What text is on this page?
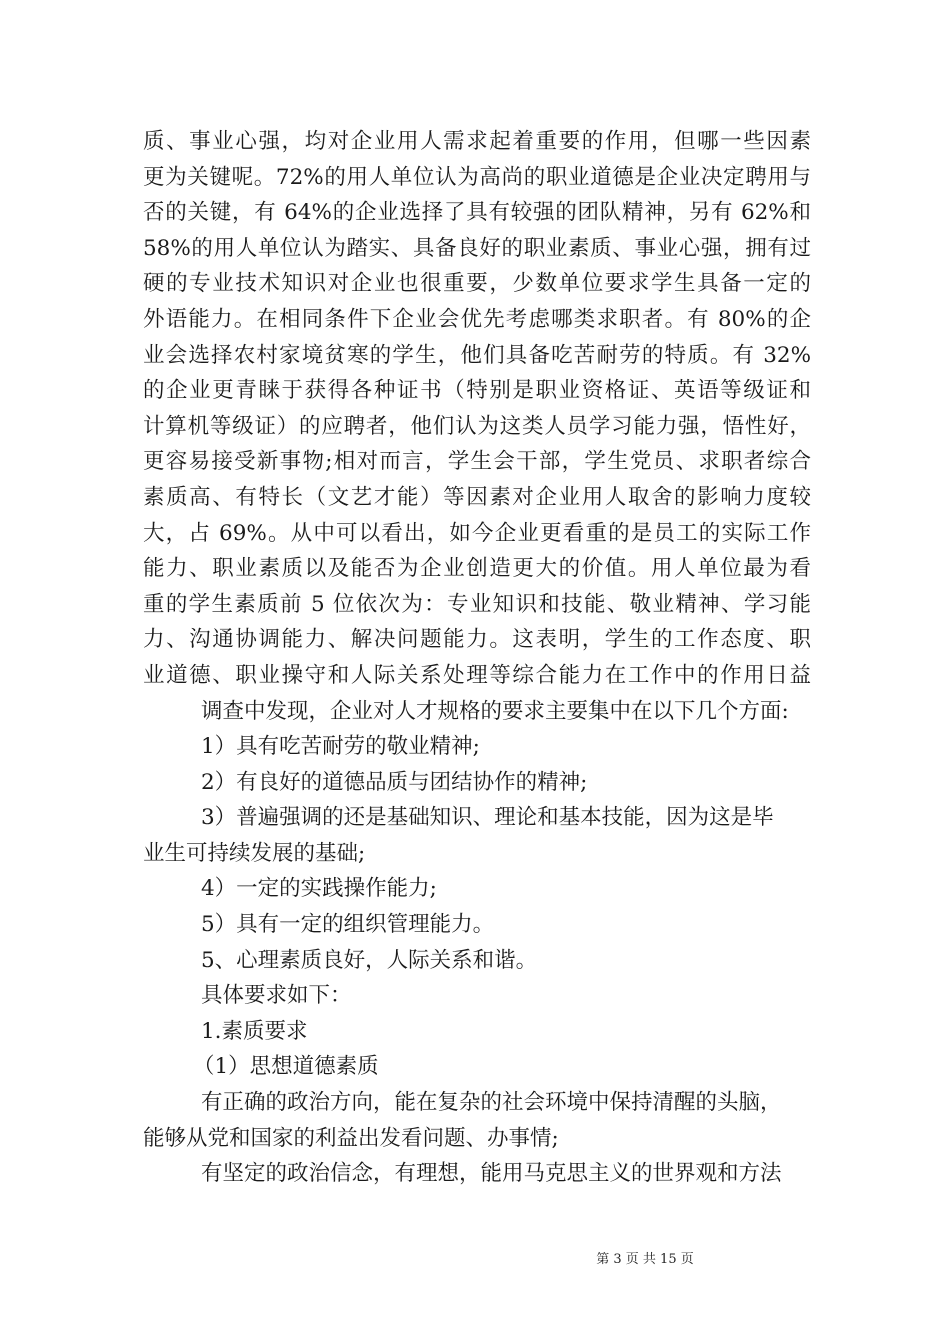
质、事业心强，均对企业用人需求起着重要的作用，但哪一些因素
更为关键呢。72%的用人单位认为高尚的职业道德是企业决定聘用与
否的关键，有 64%的企业选择了具有较强的团队精神，另有 62%和
58%的用人单位认为踏实、具备良好的职业素质、事业心强，拥有过
硬的专业技术知识对企业也很重要，少数单位要求学生具备一定的
外语能力。在相同条件下企业会优先考虑哪类求职者。有 80%的企
业会选择农村家境贫寒的学生，他们具备吃苦耐劳的特质。有 32%
的企业更青睐于获得各种证书（特别是职业资格证、英语等级证和
计算机等级证）的应聘者，他们认为这类人员学习能力强，悟性好，
更容易接受新事物;相对而言，学生会干部，学生党员、求职者综合
素质高、有特长（文艺才能）等因素对企业用人取舍的影响力度较
大，占 69%。从中可以看出，如今企业更看重的是员工的实际工作
能力、职业素质以及能否为企业创造更大的价值。用人单位最为看
重的学生素质前 5 位依次为：专业知识和技能、敬业精神、学习能
力、沟通协调能力、解决问题能力。这表明，学生的工作态度、职
业道德、职业操守和人际关系处理等综合能力在工作中的作用日益
调查中发现，企业对人才规格的要求主要集中在以下几个方面:
1）具有吃苦耐劳的敬业精神;
2）有良好的道德品质与团结协作的精神;
3）普遍强调的还是基础知识、理论和基本技能，因为这是毕
业生可持续发展的基础;
4）一定的实践操作能力;
5）具有一定的组织管理能力。
5、心理素质良好，人际关系和谐。
具体要求如下：
1.素质要求
（1）思想道德素质
有正确的政治方向，能在复杂的社会环境中保持清醒的头脑，
能够从党和国家的利益出发看问题、办事情;
有坚定的政治信念，有理想，能用马克思主义的世界观和方法
第 3 页 共 15 页
